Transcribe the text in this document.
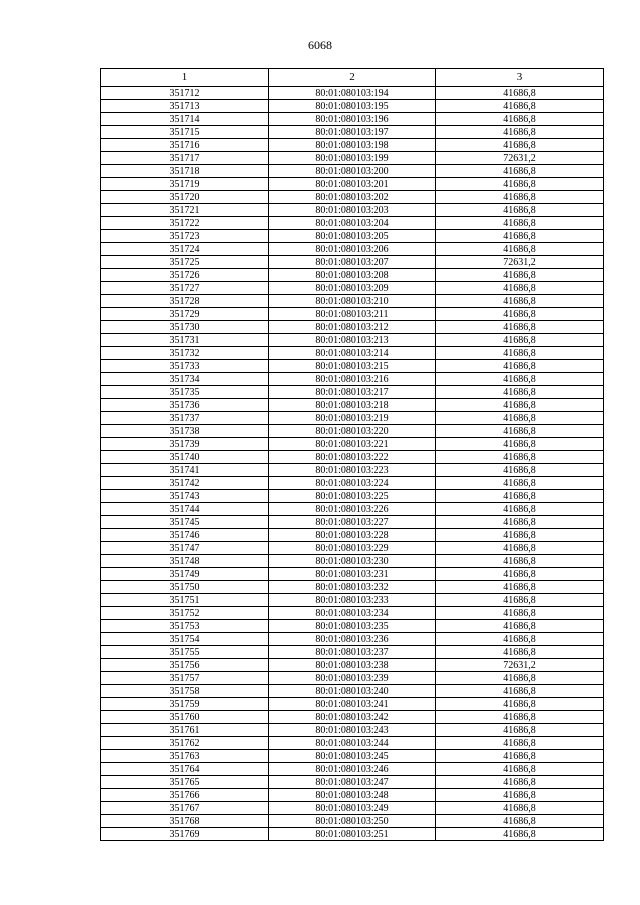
6068
1	2	3
351712	80:01:080103:194	41686,8
351713	80:01:080103:195	41686,8
351714	80:01:080103:196	41686,8
351715	80:01:080103:197	41686,8
351716	80:01:080103:198	41686,8
351717	80:01:080103:199	72631,2
351718	80:01:080103:200	41686,8
351719	80:01:080103:201	41686,8
351720	80:01:080103:202	41686,8
351721	80:01:080103:203	41686,8
351722	80:01:080103:204	41686,8
351723	80:01:080103:205	41686,8
351724	80:01:080103:206	41686,8
351725	80:01:080103:207	72631,2
351726	80:01:080103:208	41686,8
351727	80:01:080103:209	41686,8
351728	80:01:080103:210	41686,8
351729	80:01:080103:211	41686,8
351730	80:01:080103:212	41686,8
351731	80:01:080103:213	41686,8
351732	80:01:080103:214	41686,8
351733	80:01:080103:215	41686,8
351734	80:01:080103:216	41686,8
351735	80:01:080103:217	41686,8
351736	80:01:080103:218	41686,8
351737	80:01:080103:219	41686,8
351738	80:01:080103:220	41686,8
351739	80:01:080103:221	41686,8
351740	80:01:080103:222	41686,8
351741	80:01:080103:223	41686,8
351742	80:01:080103:224	41686,8
351743	80:01:080103:225	41686,8
351744	80:01:080103:226	41686,8
351745	80:01:080103:227	41686,8
351746	80:01:080103:228	41686,8
351747	80:01:080103:229	41686,8
351748	80:01:080103:230	41686,8
351749	80:01:080103:231	41686,8
351750	80:01:080103:232	41686,8
351751	80:01:080103:233	41686,8
351752	80:01:080103:234	41686,8
351753	80:01:080103:235	41686,8
351754	80:01:080103:236	41686,8
351755	80:01:080103:237	41686,8
351756	80:01:080103:238	72631,2
351757	80:01:080103:239	41686,8
351758	80:01:080103:240	41686,8
351759	80:01:080103:241	41686,8
351760	80:01:080103:242	41686,8
351761	80:01:080103:243	41686,8
351762	80:01:080103:244	41686,8
351763	80:01:080103:245	41686,8
351764	80:01:080103:246	41686,8
351765	80:01:080103:247	41686,8
351766	80:01:080103:248	41686,8
351767	80:01:080103:249	41686,8
351768	80:01:080103:250	41686,8
351769	80:01:080103:251	41686,8
